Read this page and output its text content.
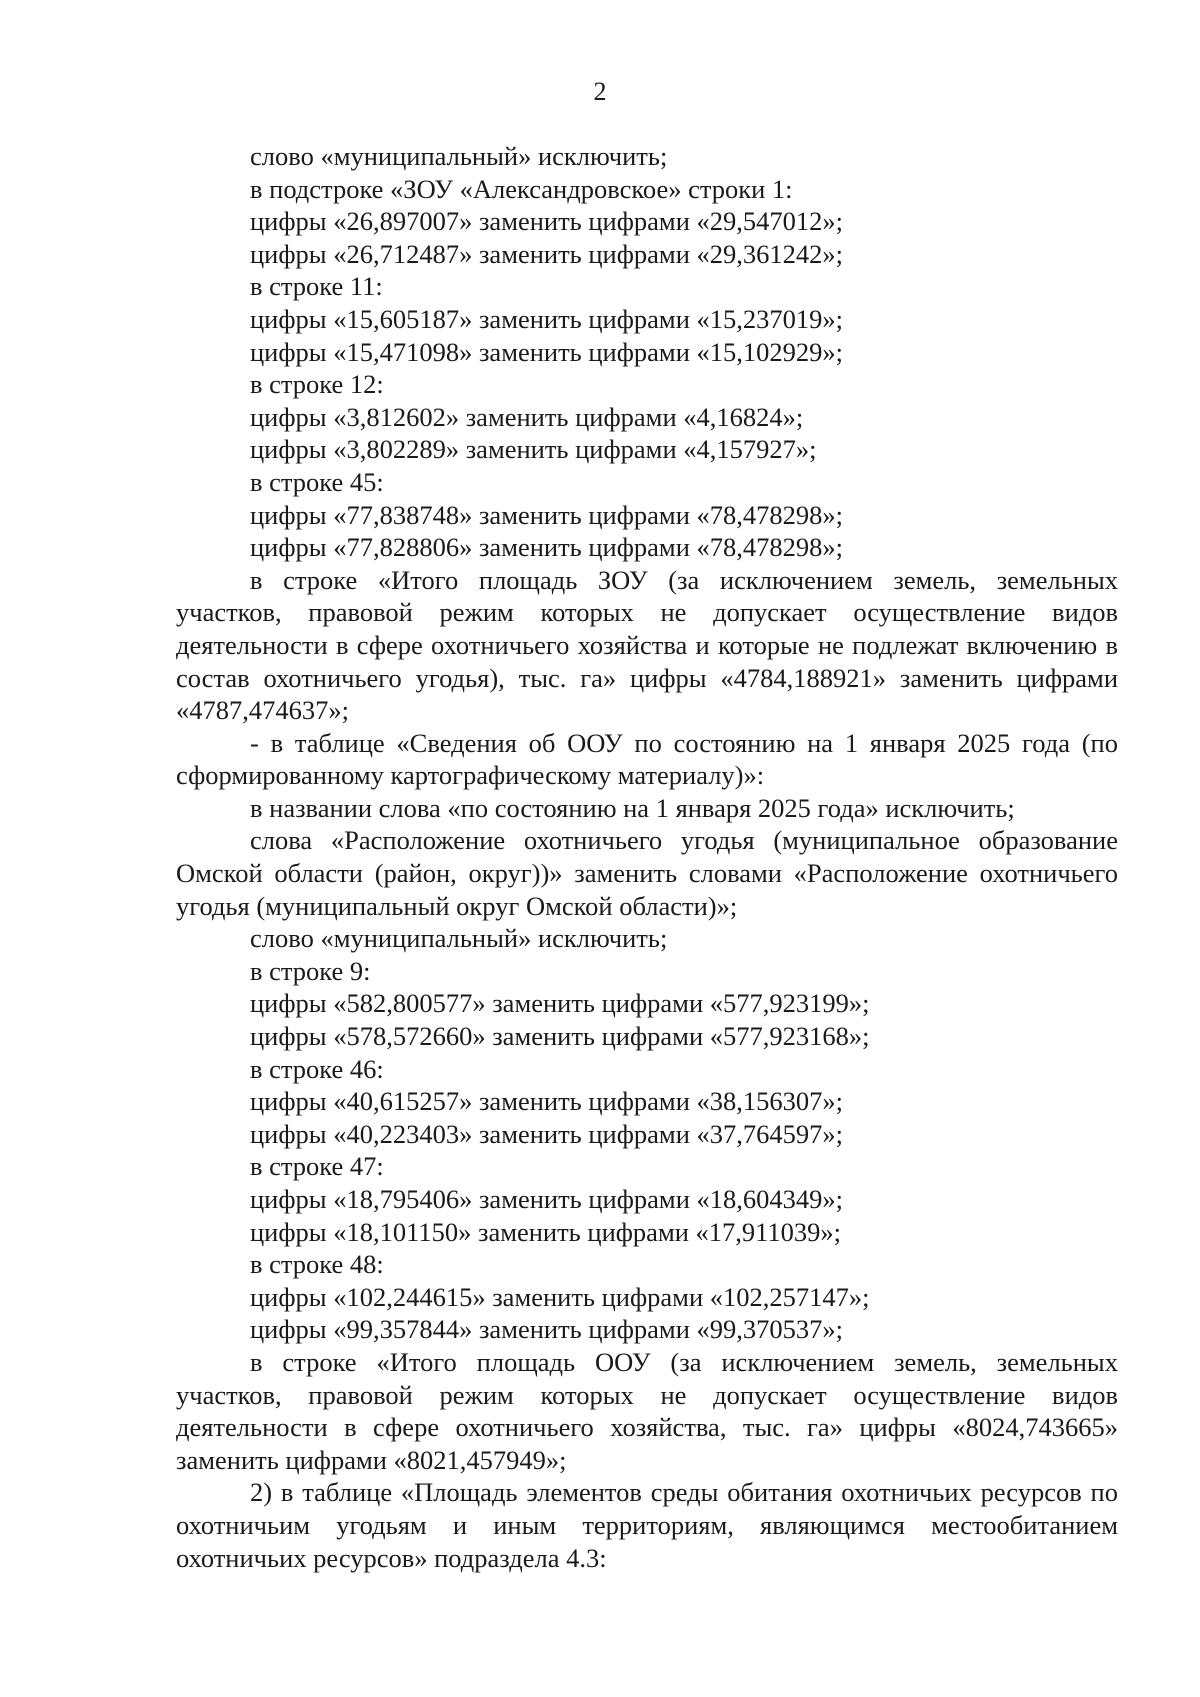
2

слово «муниципальный» исключить;

в подстроке «ЗОУ «Александровское» строки 1:

цифры «26,897007» заменить цифрами «29,547012»;

цифры «26,712487» заменить цифрами «29,361242»;

в строке 11:

цифры «15,605187» заменить цифрами «15,237019»;

цифры «15,471098» заменить цифрами «15,102929»;

в строке 12:

цифры «3,812602» заменить цифрами «4,16824»;

цифры «3,802289» заменить цифрами «4,157927»;

в строке 45:

цифры «77,838748» заменить цифрами «78,478298»;

цифры «77,828806» заменить цифрами «78,478298»;

в строке «Итого площадь ЗОУ (за исключением земель, земельных участков, правовой режим которых не допускает осуществление видов деятельности в сфере охотничьего хозяйства и которые не подлежат включению в состав охотничьего угодья), тыс. га» цифры «4784,188921» заменить цифрами «4787,474637»;

- в таблице «Сведения об ООУ по состоянию на 1 января 2025 года (по сформированному картографическому материалу)»:

в названии слова «по состоянию на 1 января 2025 года» исключить;

слова «Расположение охотничьего угодья (муниципальное образование Омской области (район, округ))» заменить словами «Расположение охотничьего угодья (муниципальный округ Омской области)»;

слово «муниципальный» исключить;

в строке 9:

цифры «582,800577» заменить цифрами «577,923199»;

цифры «578,572660» заменить цифрами «577,923168»;

в строке 46:

цифры «40,615257» заменить цифрами «38,156307»;

цифры «40,223403» заменить цифрами «37,764597»;

в строке 47:

цифры «18,795406» заменить цифрами «18,604349»;

цифры «18,101150» заменить цифрами «17,911039»;

в строке 48:

цифры «102,244615» заменить цифрами «102,257147»;

цифры «99,357844» заменить цифрами «99,370537»;

в строке «Итого площадь ООУ (за исключением земель, земельных участков, правовой режим которых не допускает осуществление видов деятельности в сфере охотничьего хозяйства, тыс. га» цифры «8024,743665» заменить цифрами «8021,457949»;

2) в таблице «Площадь элементов среды обитания охотничьих ресурсов по охотничьим угодьям и иным территориям, являющимся местообитанием охотничьих ресурсов» подраздела 4.3:
